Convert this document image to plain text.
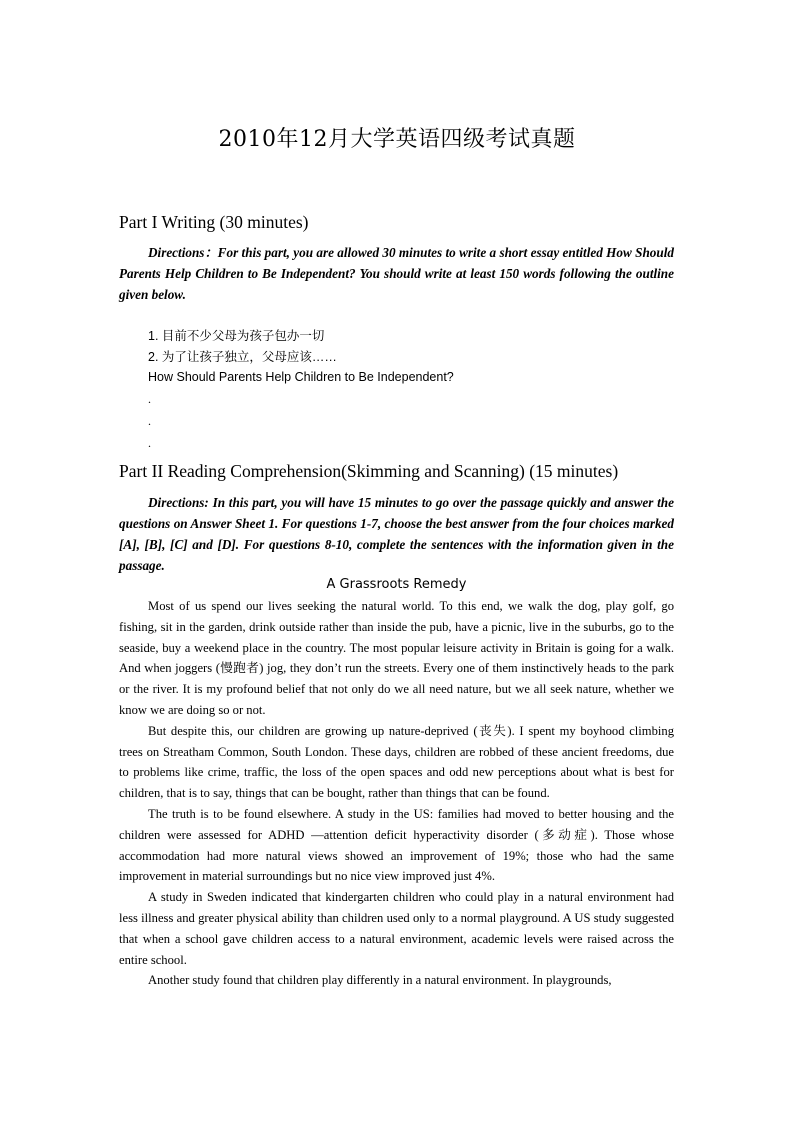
2010年12月大学英语四级考试真题
Part I Writing (30 minutes)
Directions：For this part, you are allowed 30 minutes to write a short essay entitled How Should Parents Help Children to Be Independent? You should write at least 150 words following the outline given below.
1. 目前不少父母为孩子包办一切
2. 为了让孩子独立，父母应该……
How Should Parents Help Children to Be Independent?
.
.
.
Part II Reading Comprehension(Skimming and Scanning) (15 minutes)
Directions: In this part, you will have 15 minutes to go over the passage quickly and answer the questions on Answer Sheet 1. For questions 1-7, choose the best answer from the four choices marked [A], [B], [C] and [D]. For questions 8-10, complete the sentences with the information given in the passage.
A Grassroots Remedy

Most of us spend our lives seeking the natural world. To this end, we walk the dog, play golf, go fishing, sit in the garden, drink outside rather than inside the pub, have a picnic, live in the suburbs, go to the seaside, buy a weekend place in the country. The most popular leisure activity in Britain is going for a walk. And when joggers (慢跑者) jog, they don’t run the streets. Every one of them instinctively heads to the park or the river. It is my profound belief that not only do we all need nature, but we all seek nature, whether we know we are doing so or not.

But despite this, our children are growing up nature-deprived (丧失). I spent my boyhood climbing trees on Streatham Common, South London. These days, children are robbed of these ancient freedoms, due to problems like crime, traffic, the loss of the open spaces and odd new perceptions about what is best for children, that is to say, things that can be bought, rather than things that can be found.

The truth is to be found elsewhere. A study in the US: families had moved to better housing and the children were assessed for ADHD —attention deficit hyperactivity disorder (多动症). Those whose accommodation had more natural views showed an improvement of 19%; those who had the same improvement in material surroundings but no nice view improved just 4%.

A study in Sweden indicated that kindergarten children who could play in a natural environment had less illness and greater physical ability than children used only to a normal playground. A US study suggested that when a school gave children access to a natural environment, academic levels were raised across the entire school.

Another study found that children play differently in a natural environment. In playgrounds,
